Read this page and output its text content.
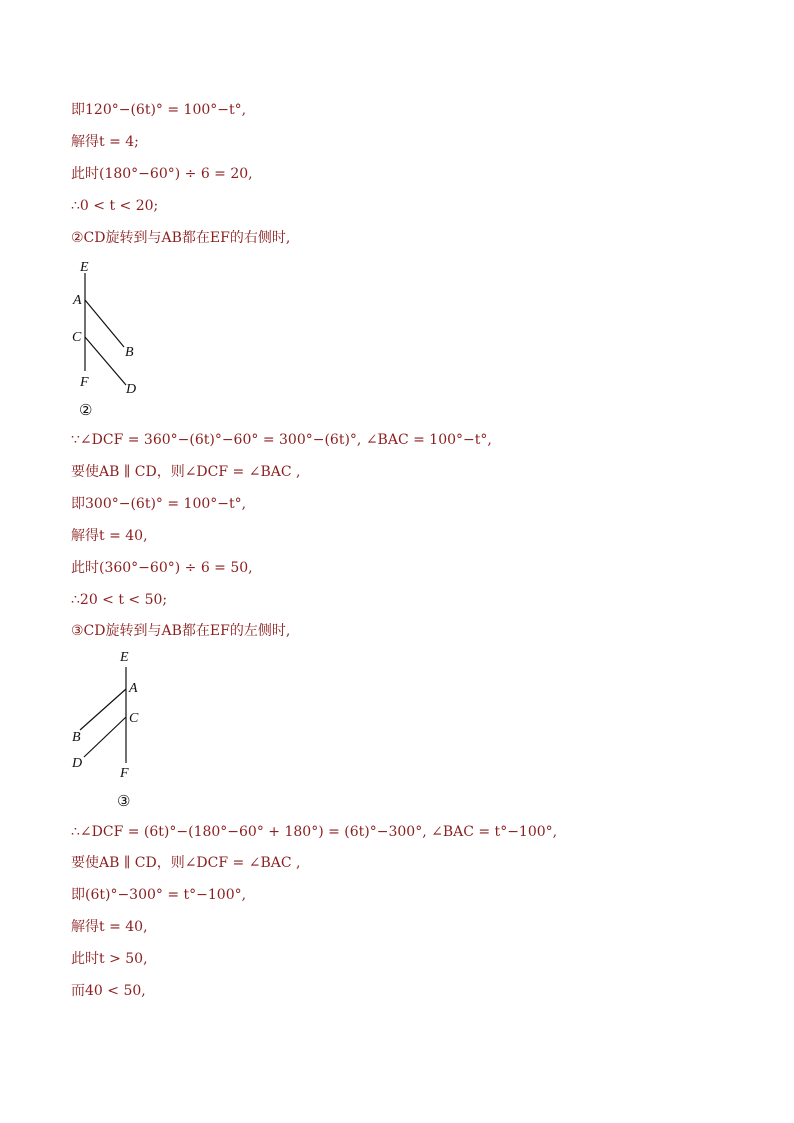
即120°−(6t)° = 100°−t°,
解得t = 4;
此时(180°−60°) ÷ 6 = 20,
∴0 < t < 20;
②CD旋转到与AB都在EF的右侧时,
E
A
C
B
F	D
②
∵∠DCF = 360°−(6t)°−60° = 300°−(6t)°, ∠BAC = 100°−t°,
要使AB ∥ CD，则∠DCF = ∠BAC ,
即300°−(6t)° = 100°−t°,
解得t = 40,
此时(360°−60°) ÷ 6 = 50,
∴20 < t < 50;
③CD旋转到与AB都在EF的左侧时,
E
A
C
B
D
F
③
∴∠DCF = (6t)°−(180°−60° + 180°) = (6t)°−300°, ∠BAC = t°−100°,
要使AB ∥ CD，则∠DCF = ∠BAC ,
即(6t)°−300° = t°−100°,
解得t = 40,
此时t > 50,
而40 < 50,
